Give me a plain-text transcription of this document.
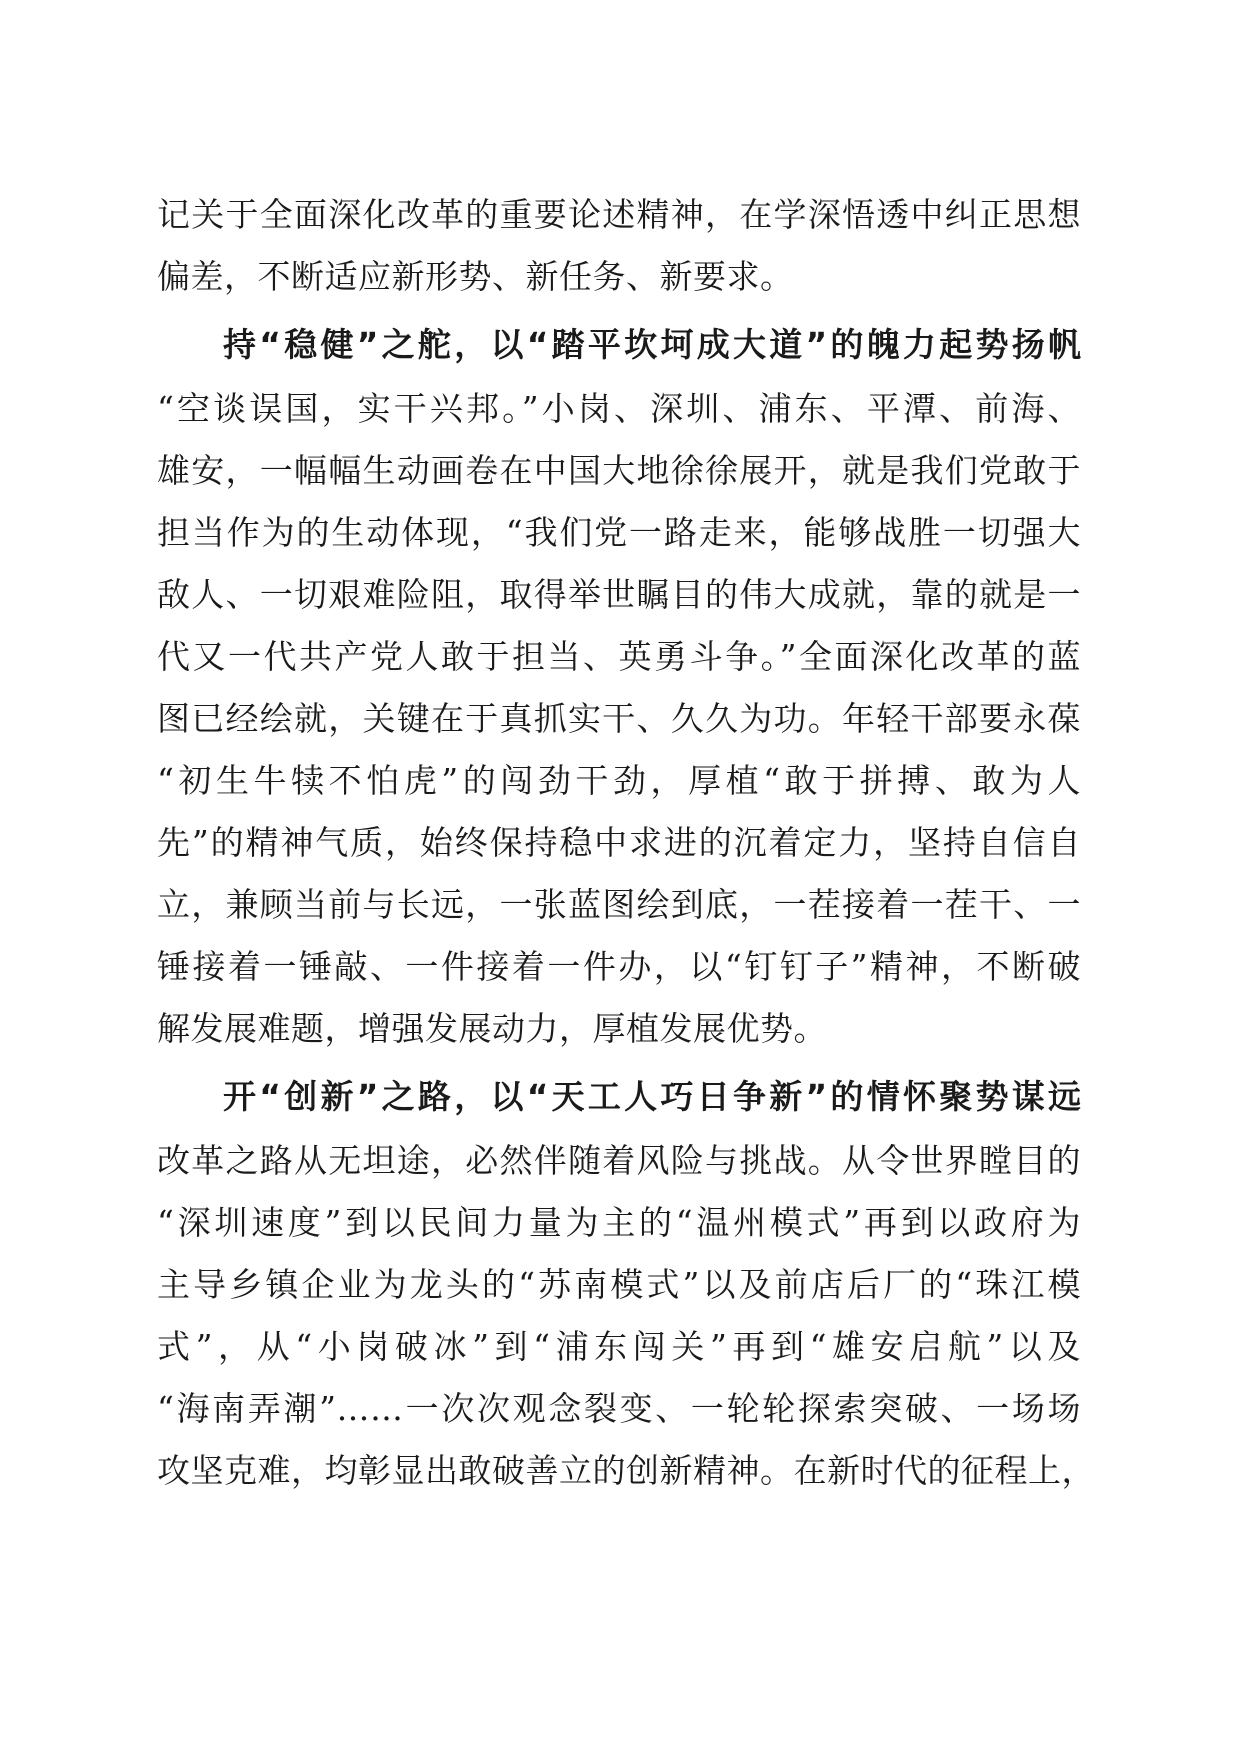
记关于全面深化改革的重要论述精神，在学深悟透中纠正思想
偏差，不断适应新形势、新任务、新要求。
持“稳健”之舵，以“踏平坎坷成大道”的魄力起势扬帆
“空谈误国，实干兴邦。”小岗、深圳、浦东、平潭、前海、
雄安，一幅幅生动画卷在中国大地徐徐展开，就是我们党敢于
担当作为的生动体现，“我们党一路走来，能够战胜一切强大
敌人、一切艰难险阻，取得举世瞩目的伟大成就，靠的就是一
代又一代共产党人敢于担当、英勇斗争。”全面深化改革的蓝
图已经绘就，关键在于真抓实干、久久为功。年轻干部要永葆
“初生牛犊不怕虎”的闯劲干劲，厚植“敢于拼搏、敢为人
先”的精神气质，始终保持稳中求进的沉着定力，坚持自信自
立，兼顾当前与长远，一张蓝图绘到底，一茬接着一茬干、一
锤接着一锤敲、一件接着一件办，以“钉钉子”精神，不断破
解发展难题，增强发展动力，厚植发展优势。
开“创新”之路，以“天工人巧日争新”的情怀聚势谋远
改革之路从无坦途，必然伴随着风险与挑战。从令世界瞠目的
“深圳速度”到以民间力量为主的“温州模式”再到以政府为
主导乡镇企业为龙头的“苏南模式”以及前店后厂的“珠江模
式”，从“小岗破冰”到“浦东闯关”再到“雄安启航”以及
“海南弄潮”……一次次观念裂变、一轮轮探索突破、一场场
攻坚克难，均彰显出敢破善立的创新精神。在新时代的征程上，
